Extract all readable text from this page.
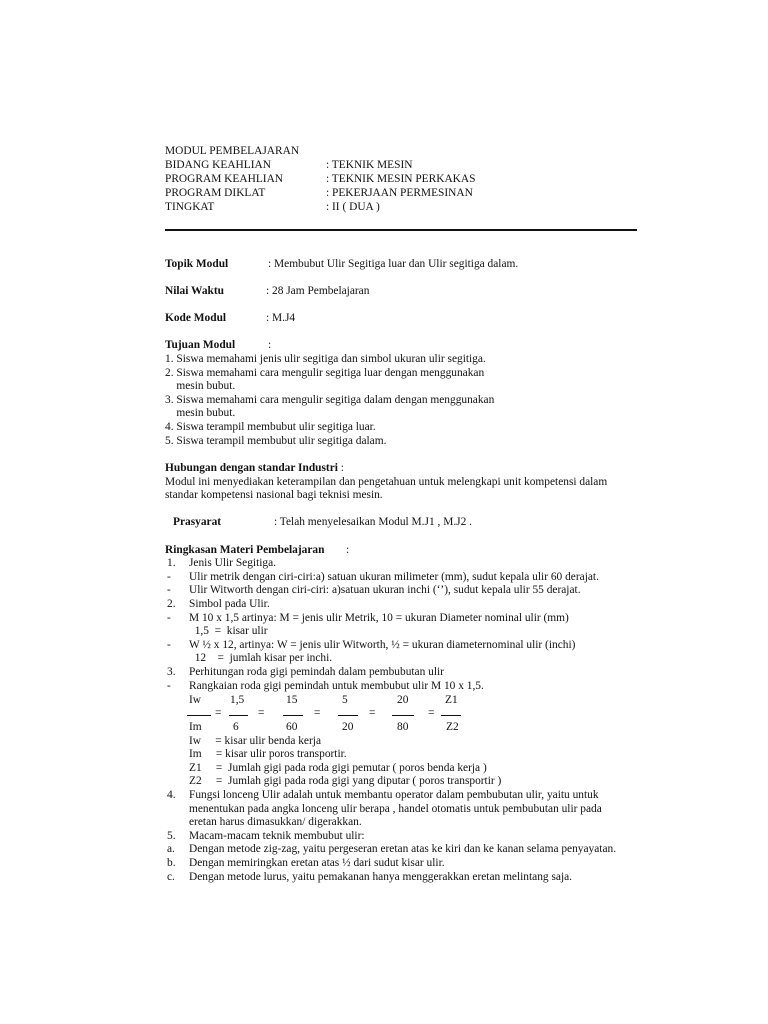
MODUL PEMBELAJARAN
BIDANG KEAHLIAN	: TEKNIK MESIN
PROGRAM KEAHLIAN	: TEKNIK MESIN PERKAKAS
PROGRAM DIKLAT	: PEKERJAAN PERMESINAN
TINGKAT	: II ( DUA )
Topik Modul	: Membubut Ulir Segitiga luar dan Ulir segitiga dalam.
Nilai Waktu	: 28 Jam Pembelajaran
Kode Modul	: M.J4
Tujuan Modul	:
1. Siswa memahami jenis ulir segitiga dan simbol ukuran ulir segitiga.
2. Siswa memahami cara mengulir segitiga luar dengan menggunakan
mesin bubut.
3. Siswa memahami cara mengulir segitiga dalam dengan menggunakan
mesin bubut.
4. Siswa terampil membubut ulir segitiga luar.
5. Siswa terampil membubut ulir segitiga dalam.
Hubungan dengan standar Industri :
Modul ini menyediakan keterampilan dan pengetahuan untuk melengkapi unit kompetensi dalam
standar kompetensi nasional bagi teknisi mesin.
Prasyarat	: Telah menyelesaikan Modul M.J1 , M.J2 .
Ringkasan Materi Pembelajaran :
1. Jenis Ulir Segitiga.
- Ulir metrik dengan ciri-ciri:a) satuan ukuran milimeter (mm), sudut kepala ulir 60 derajat.
- Ulir Witworth dengan ciri-ciri: a)satuan ukuran inchi (‘’), sudut kepala ulir 55 derajat.
2. Simbol pada Ulir.
- M 10 x 1,5 artinya: M = jenis ulir Metrik, 10 = ukuran Diameter nominal ulir (mm)
1,5  =  kisar ulir
- W ½ x 12, artinya: W = jenis ulir Witworth, ½ = ukuran diameternominal ulir (inchi)
12    =  jumlah kisar per inchi.
3. Perhitungan roda gigi pemindah dalam pembubutan ulir
- Rangkaian roda gigi pemindah untuk membubut ulir M 10 x 1,5.
Iw	1,5	15	5	20	Z1
=	=	=	=	=
Im	6	60	20	80	Z2
Iw     = kisar ulir benda kerja
Im     = kisar ulir poros transportir.
Z1     =  Jumlah gigi pada roda gigi pemutar ( poros benda kerja )
Z2     =  Jumlah gigi pada roda gigi yang diputar ( poros transportir )
4. Fungsi lonceng Ulir adalah untuk membantu operator dalam pembubutan ulir, yaitu untuk
menentukan pada angka lonceng ulir berapa , handel otomatis untuk pembubutan ulir pada
eretan harus dimasukkan/ digerakkan.
5. Macam-macam teknik membubut ulir:
a. Dengan metode zig-zag, yaitu pergeseran eretan atas ke kiri dan ke kanan selama penyayatan.
b. Dengan memiringkan eretan atas ½ dari sudut kisar ulir.
c. Dengan metode lurus, yaitu pemakanan hanya menggerakkan eretan melintang saja.
